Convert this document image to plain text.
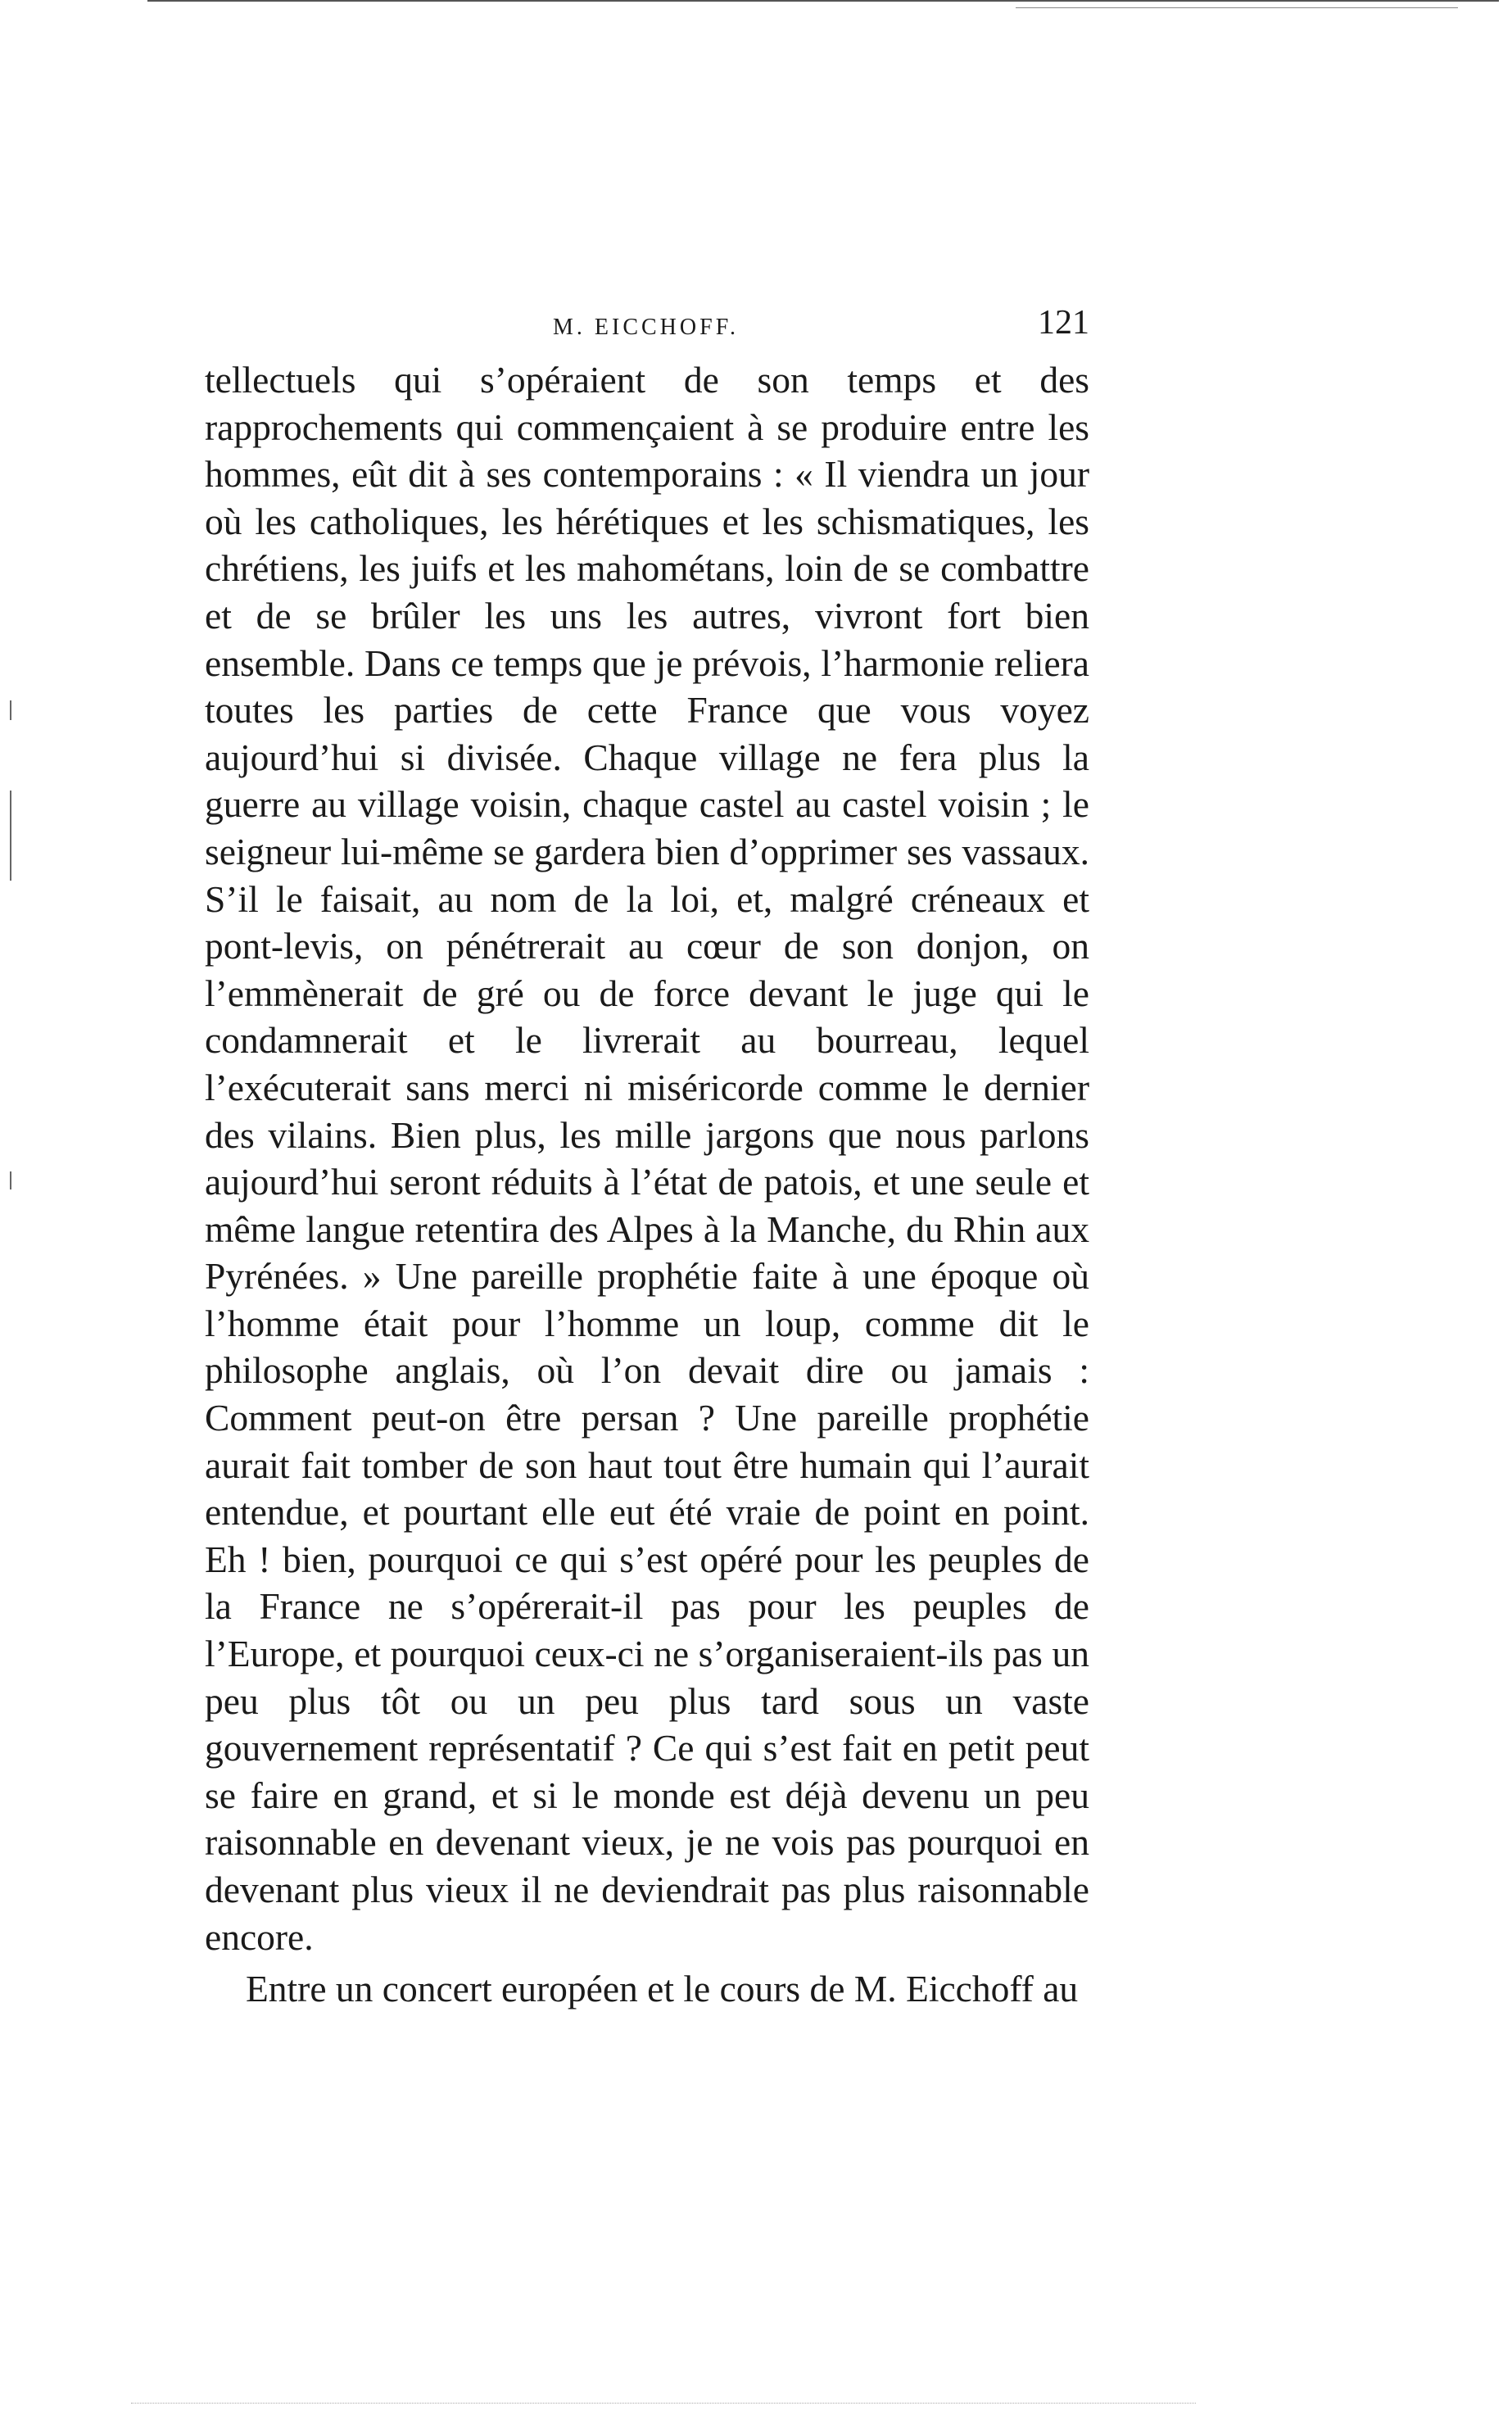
M. EICCHOFF.	121

tellectuels qui s’opéraient de son temps et des rapprochements qui commençaient à se produire entre les hommes, eût dit à ses contemporains : « Il viendra un jour où les catholiques, les hérétiques et les schismatiques, les chrétiens, les juifs et les mahométans, loin de se combattre et de se brûler les uns les autres, vivront fort bien ensemble. Dans ce temps que je prévois, l’harmonie reliera toutes les parties de cette France que vous voyez aujourd’hui si divisée. Chaque village ne fera plus la guerre au village voisin, chaque castel au castel voisin ; le seigneur lui-même se gardera bien d’opprimer ses vassaux. S’il le faisait, au nom de la loi, et, malgré créneaux et pont-levis, on pénétrerait au cœur de son donjon, on l’emmènerait de gré ou de force devant le juge qui le condamnerait et le livrerait au bourreau, lequel l’exécuterait sans merci ni miséricorde comme le dernier des vilains. Bien plus, les mille jargons que nous parlons aujourd’hui seront réduits à l’état de patois, et une seule et même langue retentira des Alpes à la Manche, du Rhin aux Pyrénées. » Une pareille prophétie faite à une époque où l’homme était pour l’homme un loup, comme dit le philosophe anglais, où l’on devait dire ou jamais : Comment peut-on être persan ? Une pareille prophétie aurait fait tomber de son haut tout être humain qui l’aurait entendue, et pourtant elle eut été vraie de point en point. Eh ! bien, pourquoi ce qui s’est opéré pour les peuples de la France ne s’opérerait-il pas pour les peuples de l’Europe, et pourquoi ceux-ci ne s’organiseraient-ils pas un peu plus tôt ou un peu plus tard sous un vaste gouvernement représentatif ? Ce qui s’est fait en petit peut se faire en grand, et si le monde est déjà devenu un peu raisonnable en devenant vieux, je ne vois pas pourquoi en devenant plus vieux il ne deviendrait pas plus raisonnable encore.

Entre un concert européen et le cours de M. Eicchoff au
